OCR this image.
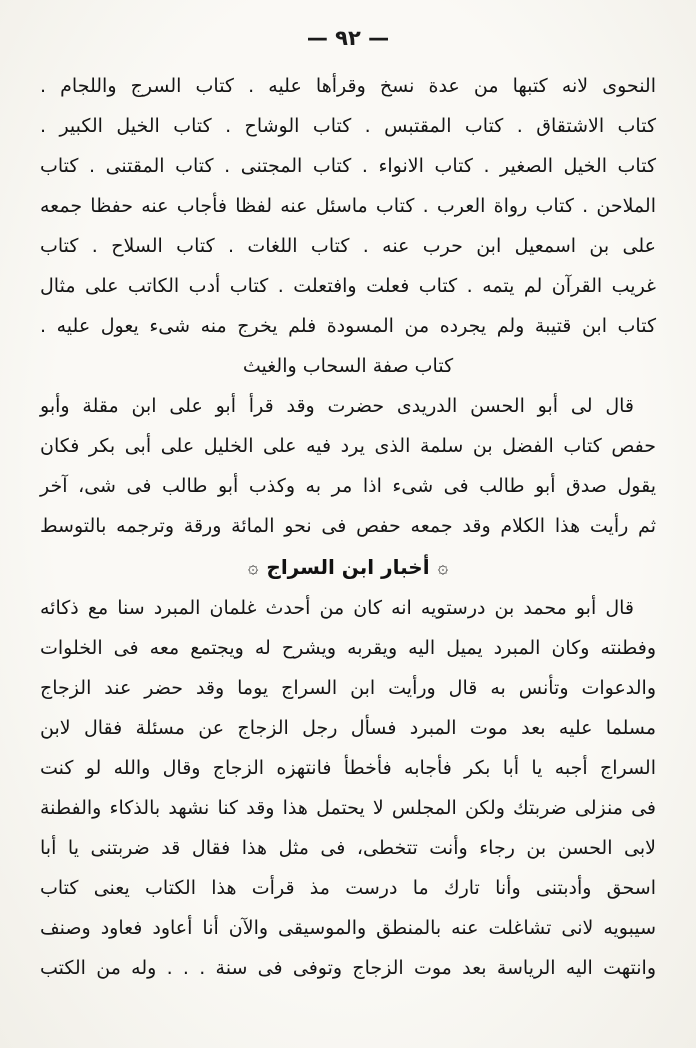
— ٩٢ —
النحوى لانه كتبها من عدة نسخ وقرأها عليه . كتاب السرج واللجام .
كتاب الاشتقاق . كتاب المقتبس . كتاب الوشاح . كتاب الخيل الكبير .
كتاب الخيل الصغير . كتاب الانواء . كتاب المجتنى . كتاب المقتنى . كتاب
الملاحن . كتاب رواة العرب . كتاب ماسئل عنه لفظا فأجاب عنه حفظا جمعه
على بن اسمعيل ابن حرب عنه . كتاب اللغات . كتاب السلاح . كتاب
غريب القرآن لم يتمه . كتاب فعلت وافتعلت . كتاب أدب الكاتب على مثال
كتاب ابن قتيبة ولم يجرده من المسودة فلم يخرج منه شىء يعول عليه .
كتاب صفة السحاب والغيث
قال لى أبو الحسن الدريدى حضرت وقد قرأ أبو على ابن مقلة وأبو
حفص كتاب الفضل بن سلمة الذى يرد فيه على الخليل على أبى بكر فكان
يقول صدق أبو طالب فى شىء اذا مر به وكذب أبو طالب فى شى، آخر
ثم رأيت هذا الكلام وقد جمعه حفص فى نحو المائة ورقة وترجمه بالتوسط
۞
أخبار ابن السراج
۞
قال أبو محمد بن درستويه انه كان من أحدث غلمان المبرد سنا مع ذكائه
وفطنته وكان المبرد يميل اليه ويقربه ويشرح له ويجتمع معه فى الخلوات
والدعوات وتأنس به قال ورأيت ابن السراج يوما وقد حضر عند الزجاج
مسلما عليه بعد موت المبرد فسأل رجل الزجاج عن مسئلة فقال لابن
السراج أجبه يا أبا بكر فأجابه فأخطأ فانتهزه الزجاج وقال والله لو كنت
فى منزلى ضربتك ولكن المجلس لا يحتمل هذا وقد كنا نشهد بالذكاء والفطنة
لابى الحسن بن رجاء وأنت تتخطى، فى مثل هذا فقال قد ضربتنى يا أبا
اسحق وأدبتنى وأنا تارك ما درست مذ قرأت هذا الكتاب يعنى كتاب
سيبويه لانى تشاغلت عنه بالمنطق والموسيقى والآن أنا أعاود فعاود وصنف
وانتهت اليه الرياسة بعد موت الزجاج وتوفى فى سنة . . . وله من الكتب
